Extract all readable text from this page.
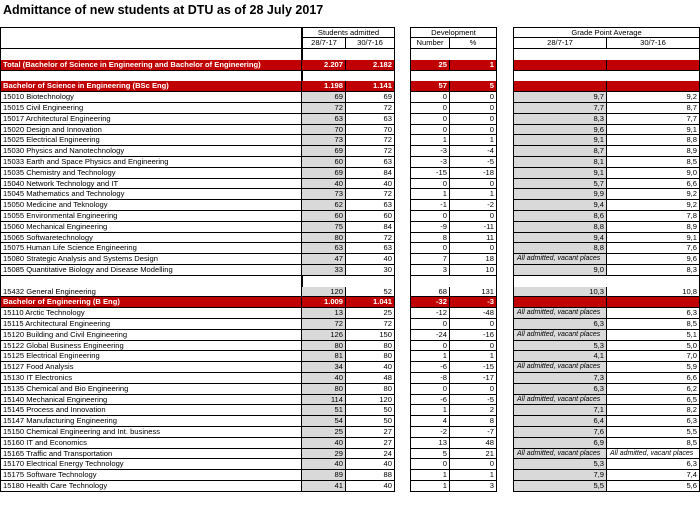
Admittance of new students at DTU as of 28 July 2017
Students admitted	Development	Grade Point Average
28/7-17	30/7-16	Number	%	28/7-17	30/7-16
Total (Bachelor of Science in Engineering and Bachelor of Engineering)	2.207	2.182	25	1
Bachelor of Science in Engineering (BSc Eng)	1.198	1.141	57	5
15010 Biotechnology	69	69	0	0	9,7	9,2
15015 Civil Engineering	72	72	0	0	7,7	8,7
15017 Architectural Engineering	63	63	0	0	8,3	7,7
15020 Design and Innovation	70	70	0	0	9,6	9,1
15025 Electrical Engineering	73	72	1	1	9,1	8,8
15030 Physics and Nanotechnology	69	72	-3	-4	8,7	8,9
15033 Earth and Space Physics and Engineering	60	63	-3	-5	8,1	8,5
15035 Chemistry and Technology	69	84	-15	-18	9,1	9,0
15040 Network Technology and IT	40	40	0	0	5,7	6,6
15045 Mathematics and Technology	73	72	1	1	9,9	9,2
15050 Medicine and Teknology	62	63	-1	-2	9,4	9,2
15055 Environmental Engineering	60	60	0	0	8,6	7,8
15060 Mechanical Engineering	75	84	-9	-11	8,8	8,9
15065 Softwaretechnology	80	72	8	11	9,4	9,1
15075 Human Life Science Engineering	63	63	0	0	8,8	7,6
15080 Strategic Analysis and Systems Design	47	40	7	18	All admitted, vacant places	9,6
15085 Quantitative Biology and Disease Modelling	33	30	3	10	9,0	8,3
15432 General Engineering	120	52	68	131	10,3	10,8
Bachelor of Engineering (B Eng)	1.009	1.041	-32	-3
15110 Arctic Technology	13	25	-12	-48	All admitted, vacant places	6,3
15115 Architectural Engineering	72	72	0	0	6,3	8,5
15120 Building and Civil Engineering	126	150	-24	-16	All admitted, vacant places	5,1
15122 Global Business Engineering	80	80	0	0	5,3	5,0
15125 Electrical Engineering	81	80	1	1	4,1	7,0
15127 Food Analysis	34	40	-6	-15	All admitted, vacant places	5,9
15130 IT Electronics	40	48	-8	-17	7,3	6,6
15135 Chemical and Bio Engineering	80	80	0	0	6,3	6,2
15140 Mechanical Engineering	114	120	-6	-5	All admitted, vacant places	6,5
15145 Process and Innovation	51	50	1	2	7,1	8,2
15147 Manufacturing Engineering	54	50	4	8	6,4	6,3
15150 Chemical Engineering and Int. business	25	27	-2	-7	7,6	5,5
15160 IT and Economics	40	27	13	48	6,9	8,5
15165 Traffic and Transportation	29	24	5	21	All admitted, vacant places	All admitted, vacant places
15170 Electrical Energy Technology	40	40	0	0	5,3	6,3
15175 Software Technology	89	88	1	1	7,9	7,4
15180 Health Care Technology	41	40	1	3	5,5	5,6
